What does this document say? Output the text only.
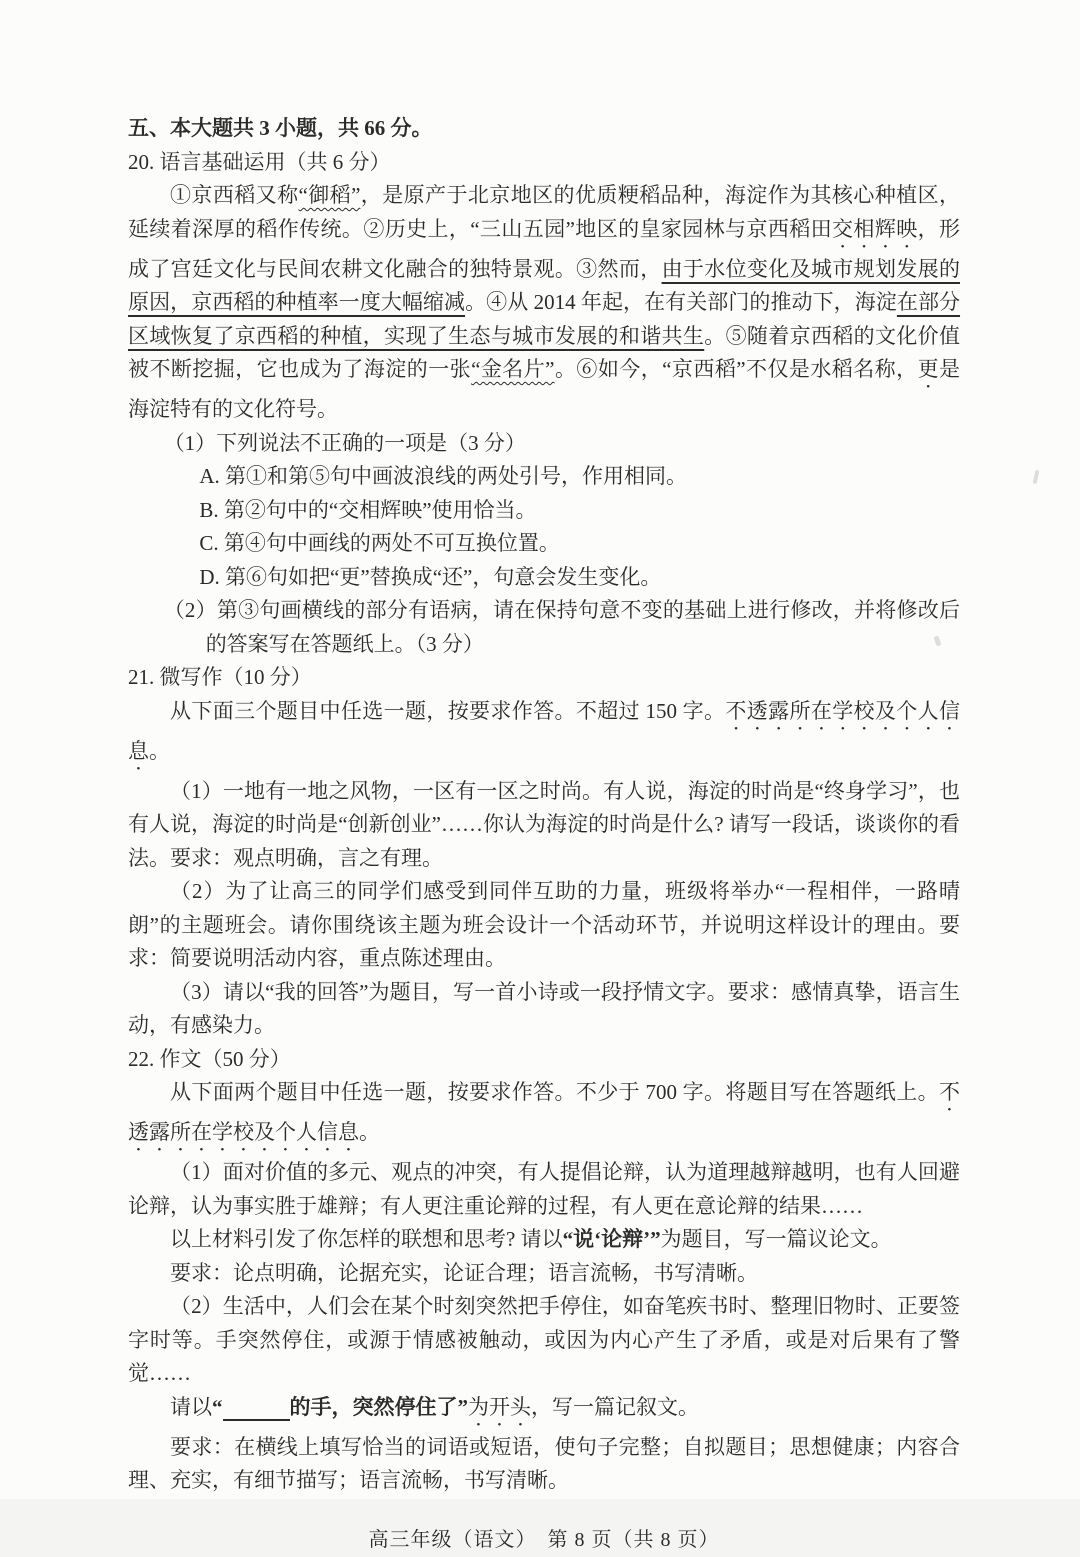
五、本大题共 3 小题，共 66 分。

20. 语言基础运用（共 6 分）

①京西稻又称“御稻”，是原产于北京地区的优质粳稻品种，海淀作为其核心种植区，延续着深厚的稻作传统。②历史上，“三山五园”地区的皇家园林与京西稻田交相辉映，形成了宫廷文化与民间农耕文化融合的独特景观。③然而，由于水位变化及城市规划发展的原因，京西稻的种植率一度大幅缩减。④从 2014 年起，在有关部门的推动下，海淀在部分区域恢复了京西稻的种植，实现了生态与城市发展的和谐共生。⑤随着京西稻的文化价值被不断挖掘，它也成为了海淀的一张“金名片”。⑥如今，“京西稻”不仅是水稻名称，更是海淀特有的文化符号。

（1）下列说法不正确的一项是（3 分）

A. 第①和第⑤句中画波浪线的两处引号，作用相同。

B. 第②句中的“交相辉映”使用恰当。

C. 第④句中画线的两处不可互换位置。

D. 第⑥句如把“更”替换成“还”，句意会发生变化。

（2）第③句画横线的部分有语病，请在保持句意不变的基础上进行修改，并将修改后的答案写在答题纸上。（3 分）

21. 微写作（10 分）

从下面三个题目中任选一题，按要求作答。不超过 150 字。不透露所在学校及个人信息。

（1）一地有一地之风物，一区有一区之时尚。有人说，海淀的时尚是“终身学习”，也有人说，海淀的时尚是“创新创业”……你认为海淀的时尚是什么? 请写一段话，谈谈你的看法。要求：观点明确，言之有理。

（2）为了让高三的同学们感受到同伴互助的力量，班级将举办“一程相伴，一路晴朗”的主题班会。请你围绕该主题为班会设计一个活动环节，并说明这样设计的理由。要求：简要说明活动内容，重点陈述理由。

（3）请以“我的回答”为题目，写一首小诗或一段抒情文字。要求：感情真挚，语言生动，有感染力。

22. 作文（50 分）

从下面两个题目中任选一题，按要求作答。不少于 700 字。将题目写在答题纸上。不透露所在学校及个人信息。

（1）面对价值的多元、观点的冲突，有人提倡论辩，认为道理越辩越明，也有人回避论辩，认为事实胜于雄辩；有人更注重论辩的过程，有人更在意论辩的结果……

以上材料引发了你怎样的联想和思考? 请以“说‘论辩’”为题目，写一篇议论文。

要求：论点明确，论据充实，论证合理；语言流畅，书写清晰。

（2）生活中，人们会在某个时刻突然把手停住，如奋笔疾书时、整理旧物时、正要签字时等。手突然停住，或源于情感被触动，或因为内心产生了矛盾，或是对后果有了警觉……

请以“　　　	的手，突然停住了”为开头，写一篇记叙文。

要求：在横线上填写恰当的词语或短语，使句子完整；自拟题目；思想健康；内容合理、充实，有细节描写；语言流畅，书写清晰。

高三年级（语文）　第 8 页（共 8 页）
